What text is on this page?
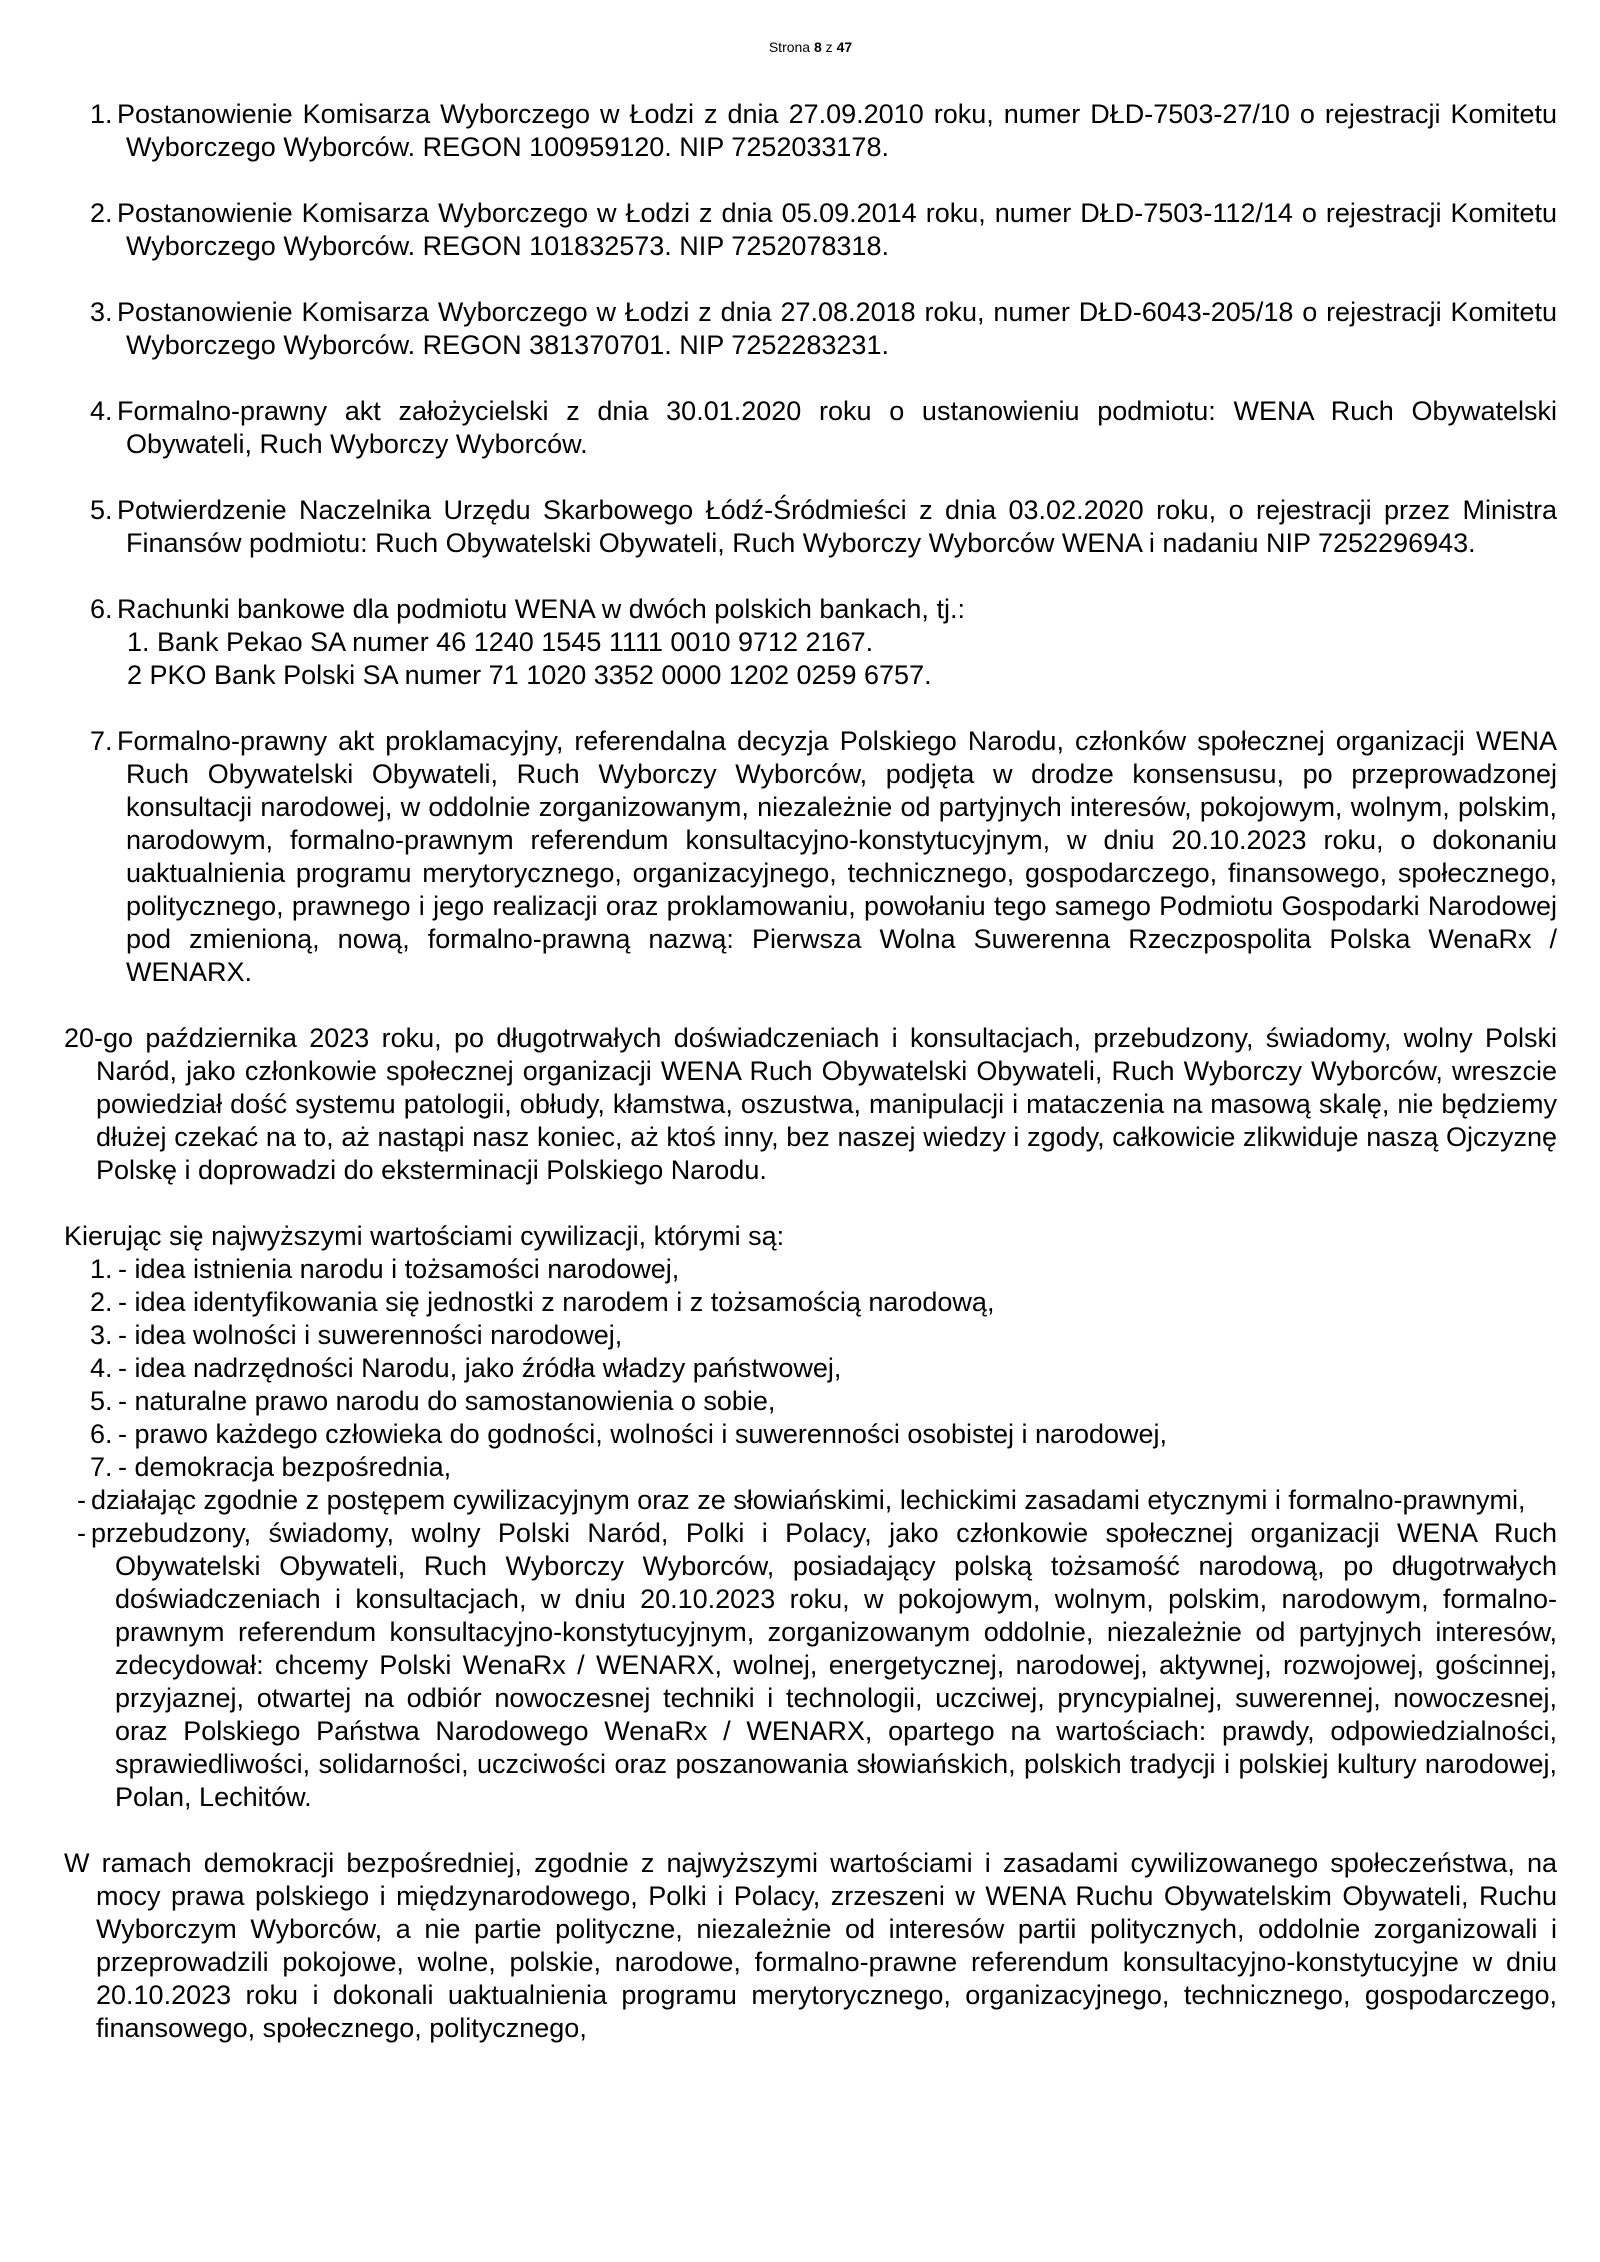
Strona 8 z 47
1. Postanowienie Komisarza Wyborczego w Łodzi z dnia 27.09.2010 roku, numer DŁD-7503-27/10 o rejestracji Komitetu Wyborczego Wyborców. REGON 100959120. NIP 7252033178.
2. Postanowienie Komisarza Wyborczego w Łodzi z dnia 05.09.2014 roku, numer DŁD-7503-112/14 o rejestracji Komitetu Wyborczego Wyborców. REGON 101832573. NIP 7252078318.
3. Postanowienie Komisarza Wyborczego w Łodzi z dnia 27.08.2018 roku, numer DŁD-6043-205/18 o rejestracji Komitetu Wyborczego Wyborców. REGON 381370701. NIP 7252283231.
4. Formalno-prawny akt założycielski z dnia 30.01.2020 roku o ustanowieniu podmiotu: WENA Ruch Obywatelski Obywateli, Ruch Wyborczy Wyborców.
5. Potwierdzenie Naczelnika Urzędu Skarbowego Łódź-Śródmieści z dnia 03.02.2020 roku, o rejestracji przez Ministra Finansów podmiotu: Ruch Obywatelski Obywateli, Ruch Wyborczy Wyborców WENA i nadaniu NIP 7252296943.
6. Rachunki bankowe dla podmiotu WENA w dwóch polskich bankach, tj.:
1. Bank Pekao SA numer 46 1240 1545 1111 0010 9712 2167.
2 PKO Bank Polski SA numer 71 1020 3352 0000 1202 0259 6757.
7. Formalno-prawny akt proklamacyjny, referendalna decyzja Polskiego Narodu, członków społecznej organizacji WENA Ruch Obywatelski Obywateli, Ruch Wyborczy Wyborców, podjęta w drodze konsensusu, po przeprowadzonej konsultacji narodowej, w oddolnie zorganizowanym, niezależnie od partyjnych interesów, pokojowym, wolnym, polskim, narodowym, formalno-prawnym referendum konsultacyjno-konstytucyjnym, w dniu 20.10.2023 roku, o dokonaniu uaktualnienia programu merytorycznego, organizacyjnego, technicznego, gospodarczego, finansowego, społecznego, politycznego, prawnego i jego realizacji oraz proklamowaniu, powołaniu tego samego Podmiotu Gospodarki Narodowej pod zmienioną, nową, formalno-prawną nazwą: Pierwsza Wolna Suwerenna Rzeczpospolita Polska WenaRx / WENARX.
20-go października 2023 roku, po długotrwałych doświadczeniach i konsultacjach, przebudzony, świadomy, wolny Polski Naród, jako członkowie społecznej organizacji WENA Ruch Obywatelski Obywateli, Ruch Wyborczy Wyborców, wreszcie powiedział dość systemu patologii, obłudy, kłamstwa, oszustwa, manipulacji i mataczenia na masową skalę, nie będziemy dłużej czekać na to, aż nastąpi nasz koniec, aż ktoś inny, bez naszej wiedzy i zgody, całkowicie zlikwiduje naszą Ojczyznę Polskę i doprowadzi do eksterminacji Polskiego Narodu.
Kierując się najwyższymi wartościami cywilizacji, którymi są:
1. - idea istnienia narodu i tożsamości narodowej,
2. - idea identyfikowania się jednostki z narodem i z tożsamością narodową,
3. - idea wolności i suwerenności narodowej,
4. - idea nadrzędności Narodu, jako źródła władzy państwowej,
5. - naturalne prawo narodu do samostanowienia o sobie,
6. - prawo każdego człowieka do godności, wolności i suwerenności osobistej i narodowej,
7. - demokracja bezpośrednia,
- działając zgodnie z postępem cywilizacyjnym oraz ze słowiańskimi, lechickimi zasadami etycznymi i formalno-prawnymi,
- przebudzony, świadomy, wolny Polski Naród, Polki i Polacy, jako członkowie społecznej organizacji WENA Ruch Obywatelski Obywateli, Ruch Wyborczy Wyborców, posiadający polską tożsamość narodową, po długotrwałych doświadczeniach i konsultacjach, w dniu 20.10.2023 roku, w pokojowym, wolnym, polskim, narodowym, formalno-prawnym referendum konsultacyjno-konstytucyjnym, zorganizowanym oddolnie, niezależnie od partyjnych interesów, zdecydował: chcemy Polski WenaRx / WENARX, wolnej, energetycznej, narodowej, aktywnej, rozwojowej, gościnnej, przyjaznej, otwartej na odbiór nowoczesnej techniki i technologii, uczciwej, pryncypialnej, suwerennej, nowoczesnej, oraz Polskiego Państwa Narodowego WenaRx / WENARX, opartego na wartościach: prawdy, odpowiedzialności, sprawiedliwości, solidarności, uczciwości oraz poszanowania słowiańskich, polskich tradycji i polskiej kultury narodowej, Polan, Lechitów.
W ramach demokracji bezpośredniej, zgodnie z najwyższymi wartościami i zasadami cywilizowanego społeczeństwa, na mocy prawa polskiego i międzynarodowego, Polki i Polacy, zrzeszeni w WENA Ruchu Obywatelskim Obywateli, Ruchu Wyborczym Wyborców, a nie partie polityczne, niezależnie od interesów partii politycznych, oddolnie zorganizowali i przeprowadzili pokojowe, wolne, polskie, narodowe, formalno-prawne referendum konsultacyjno-konstytucyjne w dniu 20.10.2023 roku i dokonali uaktualnienia programu merytorycznego, organizacyjnego, technicznego, gospodarczego, finansowego, społecznego, politycznego,
